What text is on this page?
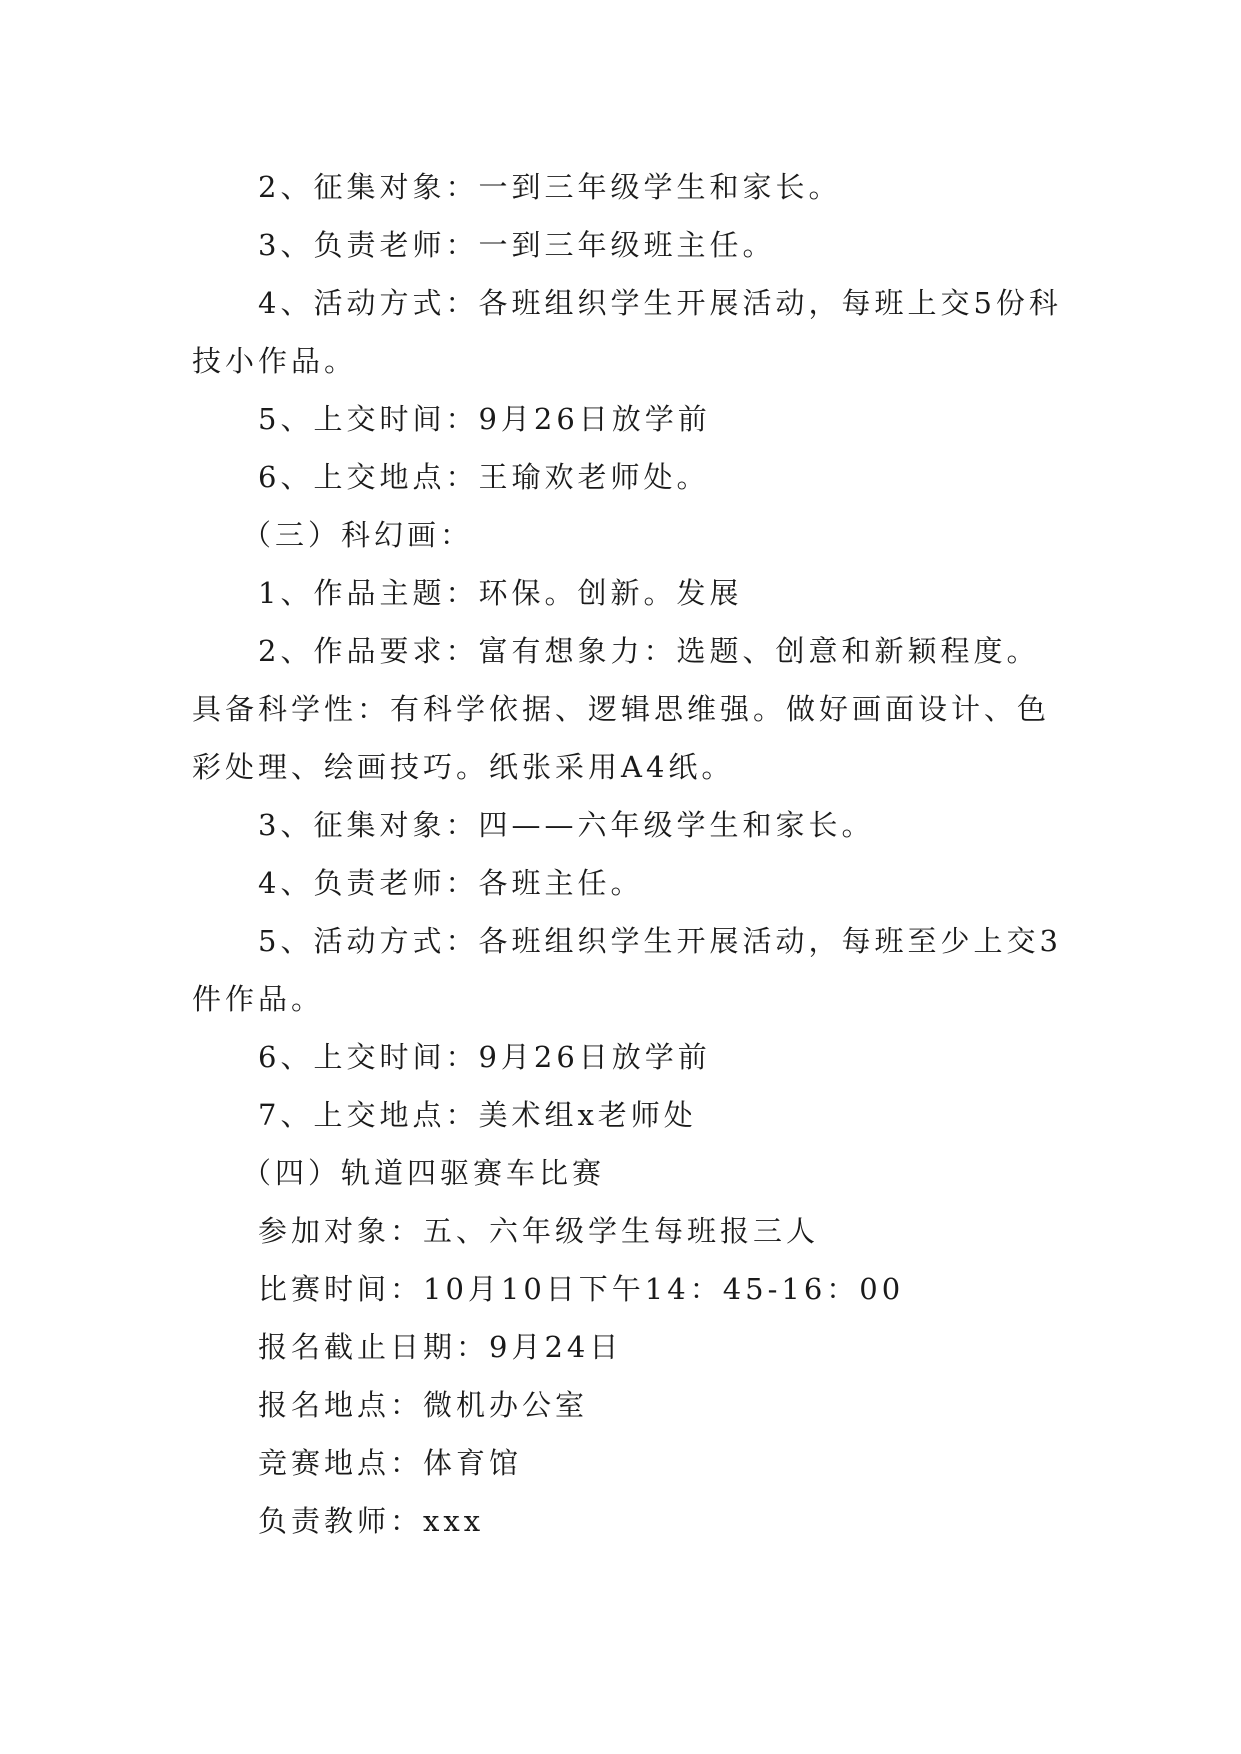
2、征集对象：一到三年级学生和家长。

3、负责老师：一到三年级班主任。

4、活动方式：各班组织学生开展活动，每班上交5份科技小作品。

5、上交时间：9月26日放学前

6、上交地点：王瑜欢老师处。

（三）科幻画：

1、作品主题：环保。创新。发展

2、作品要求：富有想象力：选题、创意和新颖程度。具备科学性：有科学依据、逻辑思维强。做好画面设计、色彩处理、绘画技巧。纸张采用A4纸。

3、征集对象：四——六年级学生和家长。

4、负责老师：各班主任。

5、活动方式：各班组织学生开展活动，每班至少上交3件作品。

6、上交时间：9月26日放学前

7、上交地点：美术组x老师处

（四）轨道四驱赛车比赛

参加对象：五、六年级学生每班报三人

比赛时间：10月10日下午14：45-16：00

报名截止日期：9月24日

报名地点：微机办公室

竞赛地点：体育馆

负责教师：xxx
